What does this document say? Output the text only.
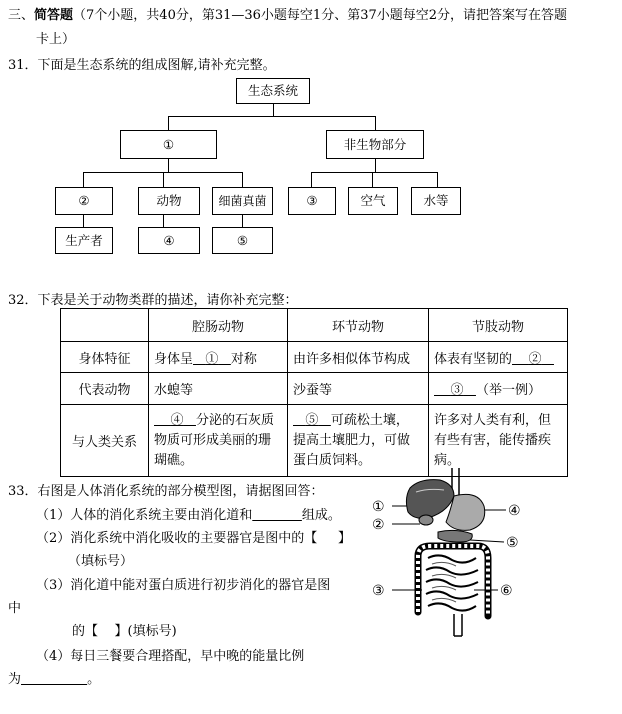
三、简答题（7个小题，共40分，第31—36小题每空1分、第37小题每空2分，请把答案写在答题
卡上）
31．下面是生态系统的组成图解,请补充完整。
生态系统
①	非生物部分
②	动物	细菌真菌	③	空气	水等
生产者	④	⑤
32．下表是关于动物类群的描述，请你补充完整：
	腔肠动物	环节动物	节肢动物
身体特征	身体呈 ① 对称	由许多相似体节构成	体表有坚韧的 ②
代表动物	水螅等	沙蚕等	③ （举一例）
与人类关系	④ 分泌的石灰质
物质可形成美丽的珊
瑚礁。	⑤ 可疏松土壤，
提高土壤肥力，可做
蛋白质饲料。	许多对人类有利，但
有些有害，能传播疾
病。
33．右图是人体消化系统的部分模型图，请据图回答：
（1）人体的消化系统主要由消化道和	组成。
（2）消化系统中消化吸收的主要器官是图中的【 】
（填标号）
（3）消化道中能对蛋白质进行初步消化的器官是图
中
的【 】(填标号)
（4）每日三餐要合理搭配，早中晚的能量比例
为	。
①
②
③
④
⑤
⑥
